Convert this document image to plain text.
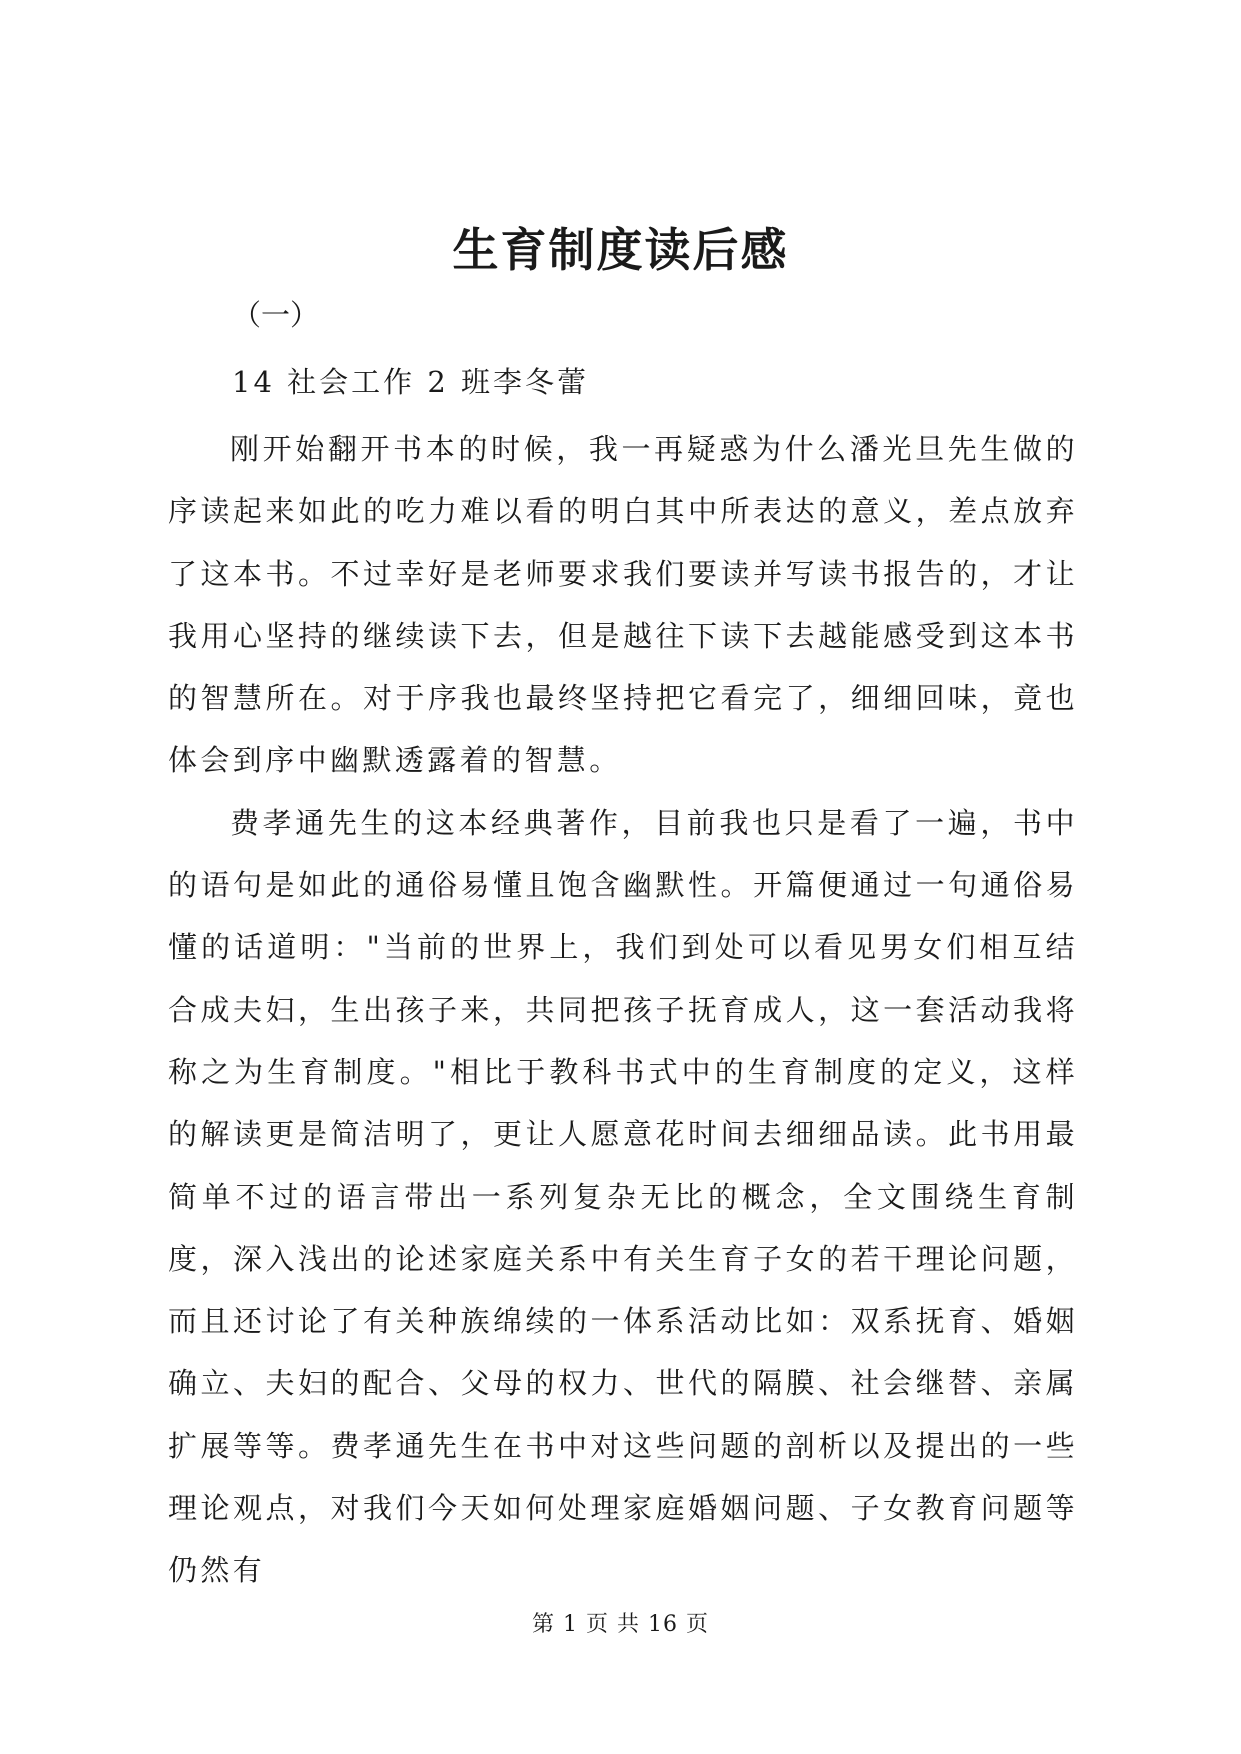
生育制度读后感
（一）
14 社会工作 2 班李冬蕾

刚开始翻开书本的时候，我一再疑惑为什么潘光旦先生做的序读起来如此的吃力难以看的明白其中所表达的意义，差点放弃了这本书。不过幸好是老师要求我们要读并写读书报告的，才让我用心坚持的继续读下去，但是越往下读下去越能感受到这本书的智慧所在。对于序我也最终坚持把它看完了，细细回味，竟也体会到序中幽默透露着的智慧。

费孝通先生的这本经典著作，目前我也只是看了一遍，书中的语句是如此的通俗易懂且饱含幽默性。开篇便通过一句通俗易懂的话道明："当前的世界上，我们到处可以看见男女们相互结合成夫妇，生出孩子来，共同把孩子抚育成人，这一套活动我将称之为生育制度。"相比于教科书式中的生育制度的定义，这样的解读更是简洁明了，更让人愿意花时间去细细品读。此书用最简单不过的语言带出一系列复杂无比的概念，全文围绕生育制度，深入浅出的论述家庭关系中有关生育子女的若干理论问题，而且还讨论了有关种族绵续的一体系活动比如：双系抚育、婚姻确立、夫妇的配合、父母的权力、世代的隔膜、社会继替、亲属扩展等等。费孝通先生在书中对这些问题的剖析以及提出的一些理论观点，对我们今天如何处理家庭婚姻问题、子女教育问题等仍然有

第 1 页 共 16 页
